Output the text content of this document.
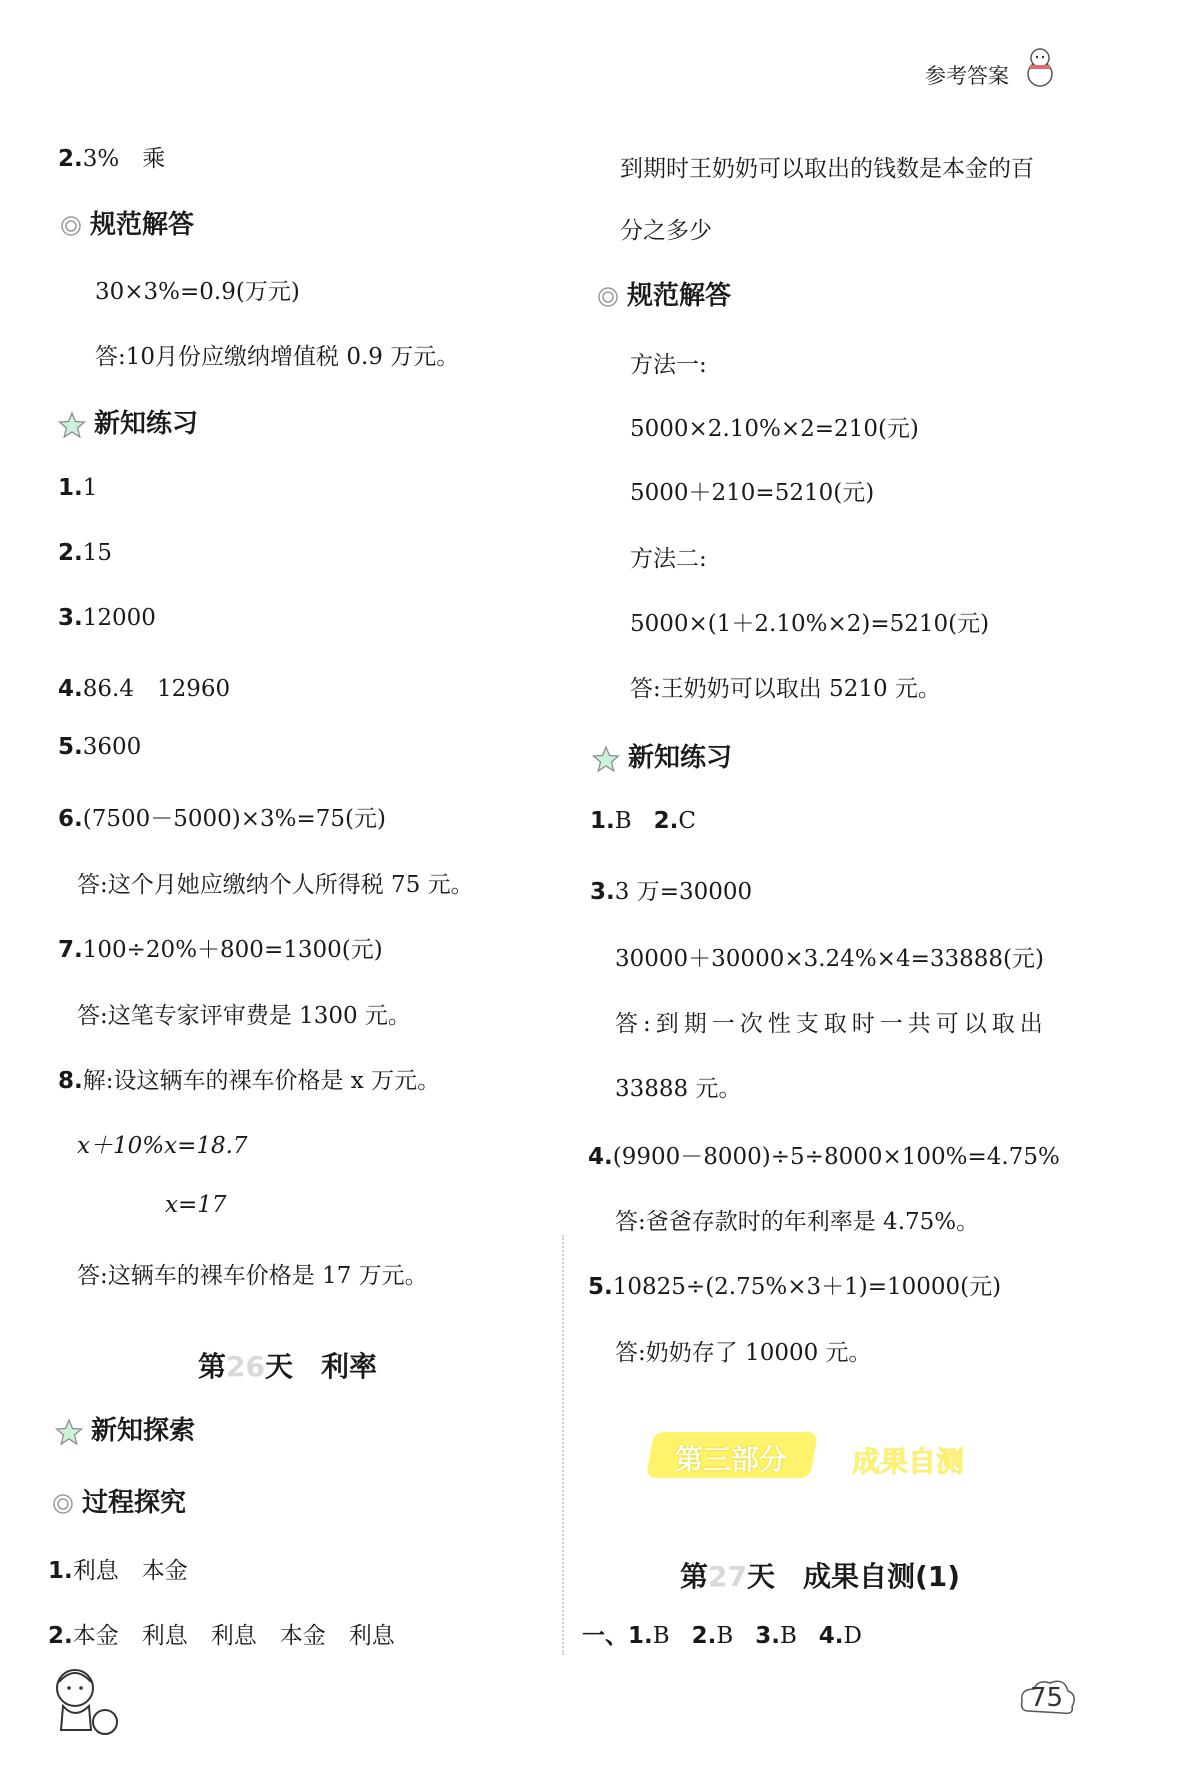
参考答案
2.3%　乘
规范解答
30×3%=0.9(万元)
答:10月份应缴纳增值税 0.9 万元。
新知练习
1.1
2.15
3.12000
4.86.4　12960
5.3600
6.(7500－5000)×3%=75(元)
答:这个月她应缴纳个人所得税 75 元。
7.100÷20%＋800=1300(元)
答:这笔专家评审费是 1300 元。
8.解:设这辆车的裸车价格是 x 万元。
x＋10%x=18.7
x=17
答:这辆车的裸车价格是 17 万元。
第26天　利率
新知探索
过程探究
1.利息　本金
2.本金　利息　利息　本金　利息
到期时王奶奶可以取出的钱数是本金的百
分之多少
规范解答
方法一:
5000×2.10%×2=210(元)
5000＋210=5210(元)
方法二:
5000×(1＋2.10%×2)=5210(元)
答:王奶奶可以取出 5210 元。
新知练习
1.B 2.C
3.3 万=30000
30000＋30000×3.24%×4=33888(元)
答:到期一次性支取时一共可以取出
33888 元。
4.(9900－8000)÷5÷8000×100%=4.75%
答:爸爸存款时的年利率是 4.75%。
5.10825÷(2.75%×3＋1)=10000(元)
答:奶奶存了 10000 元。
第三部分 成果自测
第27天　成果自测(1)
一、1.B 2.B 3.B 4.D
75
